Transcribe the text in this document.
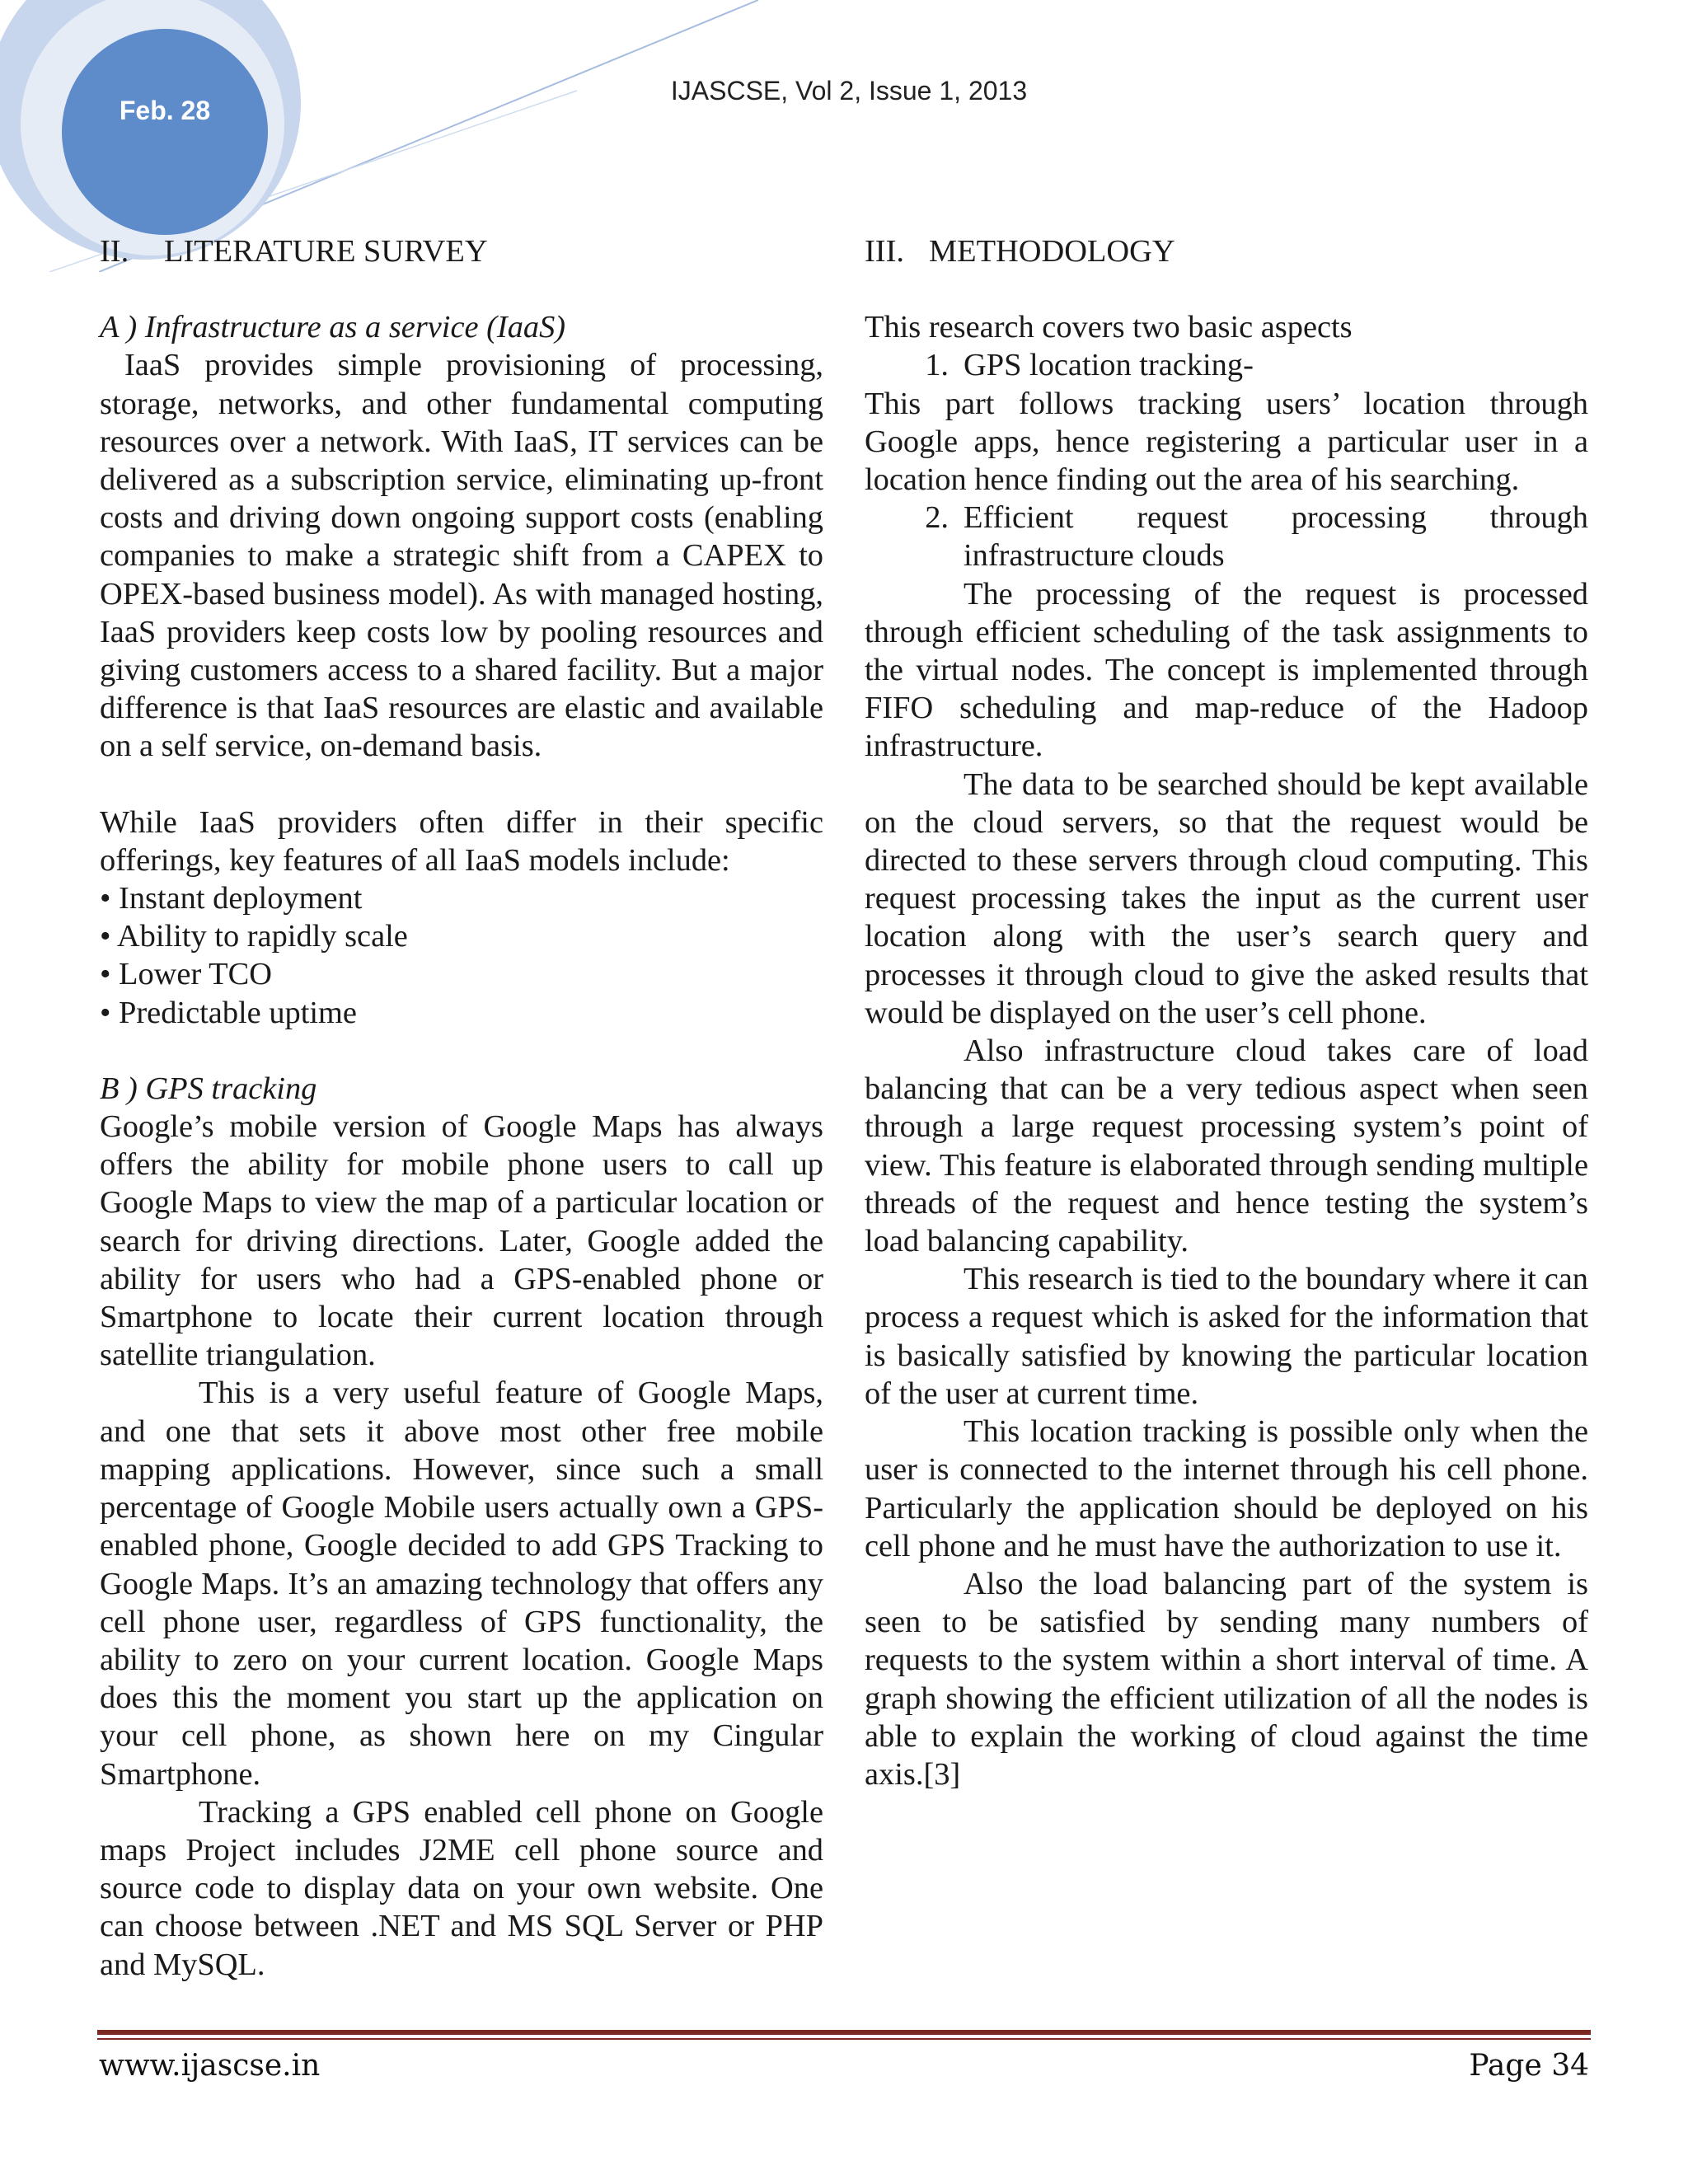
Feb. 28
IJASCSE, Vol 2, Issue 1, 2013
II. LITERATURE SURVEY

A ) Infrastructure as a service (IaaS)

IaaS provides simple provisioning of processing, storage, networks, and other fundamental computing resources over a network. With IaaS, IT services can be delivered as a subscription service, eliminating up-front costs and driving down ongoing support costs (enabling companies to make a strategic shift from a CAPEX to OPEX-based business model). As with managed hosting, IaaS providers keep costs low by pooling resources and giving customers access to a shared facility. But a major difference is that IaaS resources are elastic and available on a self service, on-demand basis.

While IaaS providers often differ in their specific offerings, key features of all IaaS models include:

• Instant deployment
• Ability to rapidly scale
• Lower TCO
• Predictable uptime

B ) GPS tracking

Google’s mobile version of Google Maps has always offers the ability for mobile phone users to call up Google Maps to view the map of a particular location or search for driving directions. Later, Google added the ability for users who had a GPS-enabled phone or Smartphone to locate their current location through satellite triangulation.

This is a very useful feature of Google Maps, and one that sets it above most other free mobile mapping applications. However, since such a small percentage of Google Mobile users actually own a GPS-enabled phone, Google decided to add GPS Tracking to Google Maps. It’s an amazing technology that offers any cell phone user, regardless of GPS functionality, the ability to zero on your current location. Google Maps does this the moment you start up the application on your cell phone, as shown here on my Cingular Smartphone.

Tracking a GPS enabled cell phone on Google maps Project includes J2ME cell phone source and source code to display data on your own website. One can choose between .NET and MS SQL Server or PHP and MySQL.

III. METHODOLOGY

This research covers two basic aspects

1. GPS location tracking-

This part follows tracking users’ location through Google apps, hence registering a particular user in a location hence finding out the area of his searching.

2. Efficient request processing through
infrastructure clouds

The processing of the request is processed through efficient scheduling of the task assignments to the virtual nodes. The concept is implemented through FIFO scheduling and map-reduce of the Hadoop infrastructure.

The data to be searched should be kept available on the cloud servers, so that the request would be directed to these servers through cloud computing. This request processing takes the input as the current user location along with the user’s search query and processes it through cloud to give the asked results that would be displayed on the user’s cell phone.

Also infrastructure cloud takes care of load balancing that can be a very tedious aspect when seen through a large request processing system’s point of view. This feature is elaborated through sending multiple threads of the request and hence testing the system’s load balancing capability.

This research is tied to the boundary where it can process a request which is asked for the information that is basically satisfied by knowing the particular location of the user at current time.

This location tracking is possible only when the user is connected to the internet through his cell phone. Particularly the application should be deployed on his cell phone and he must have the authorization to use it.

Also the load balancing part of the system is seen to be satisfied by sending many numbers of requests to the system within a short interval of time. A graph showing the efficient utilization of all the nodes is able to explain the working of cloud against the time axis.[3]

www.ijascse.in	Page 34
